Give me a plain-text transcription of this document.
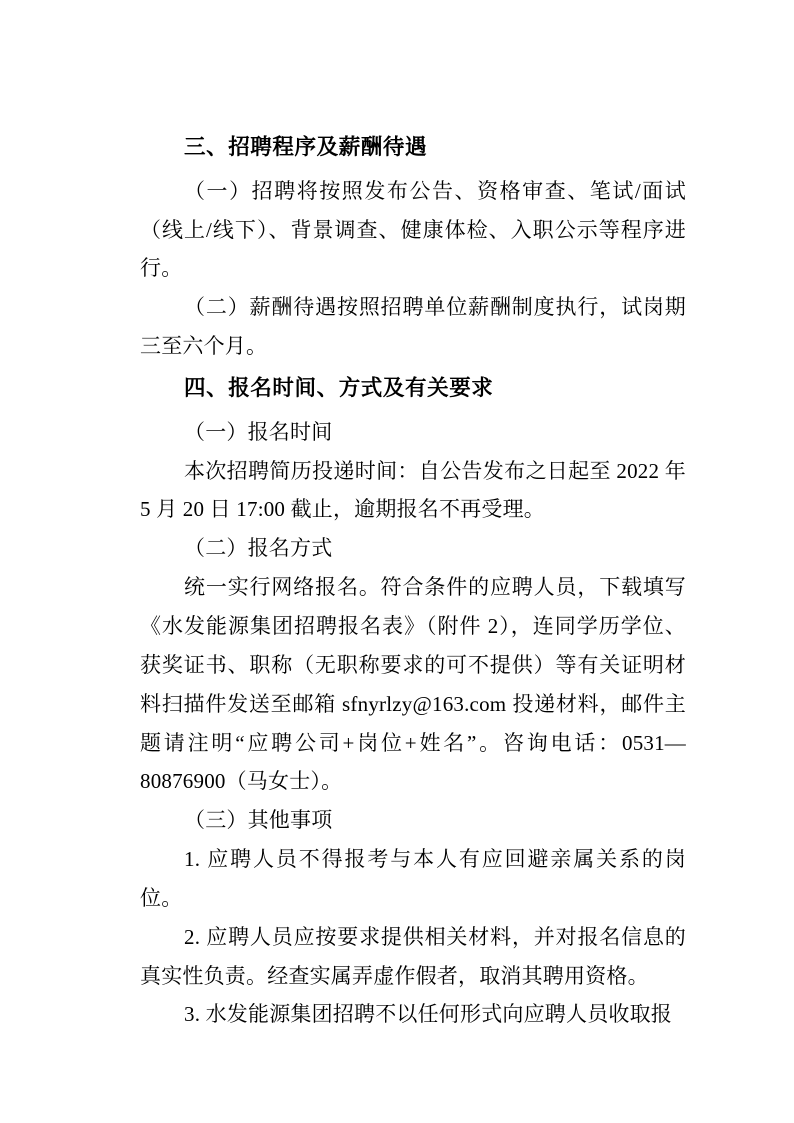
三、招聘程序及薪酬待遇

（一）招聘将按照发布公告、资格审查、笔试/面试（线上/线下）、背景调查、健康体检、入职公示等程序进行。

（二）薪酬待遇按照招聘单位薪酬制度执行，试岗期三至六个月。

四、报名时间、方式及有关要求

（一）报名时间

本次招聘简历投递时间：自公告发布之日起至 2022 年 5 月 20 日 17:00 截止，逾期报名不再受理。

（二）报名方式

统一实行网络报名。符合条件的应聘人员，下载填写《水发能源集团招聘报名表》（附件 2），连同学历学位、获奖证书、职称（无职称要求的可不提供）等有关证明材料扫描件发送至邮箱 sfnyrlzy@163.com 投递材料，邮件主题请注明“应聘公司+岗位+姓名”。咨询电话：0531—80876900（马女士）。

（三）其他事项

1. 应聘人员不得报考与本人有应回避亲属关系的岗位。

2. 应聘人员应按要求提供相关材料，并对报名信息的真实性负责。经查实属弄虚作假者，取消其聘用资格。

3. 水发能源集团招聘不以任何形式向应聘人员收取报
